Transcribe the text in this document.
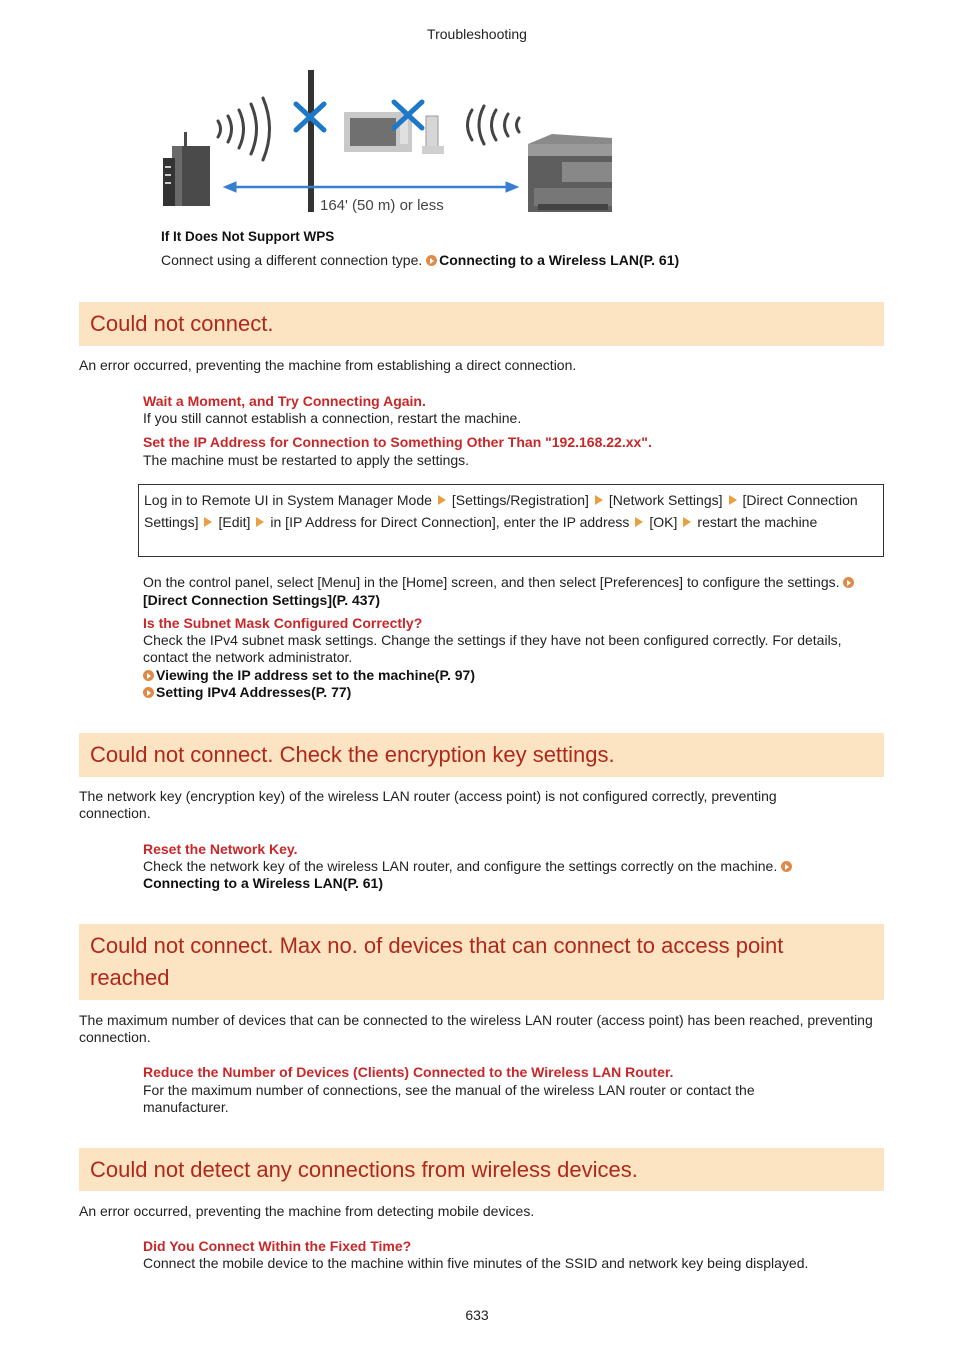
Troubleshooting
164' (50 m) or less
If It Does Not Support WPS
Connect using a different connection type. Connecting to a Wireless LAN(P. 61)
Could not connect.
An error occurred, preventing the machine from establishing a direct connection.
Wait a Moment, and Try Connecting Again.
If you still cannot establish a connection, restart the machine.
Set the IP Address for Connection to Something Other Than "192.168.22.xx".
The machine must be restarted to apply the settings.
Log in to Remote UI in System Manager Mode [Settings/Registration] [Network Settings] [Direct Connection Settings] [Edit] in [IP Address for Direct Connection], enter the IP address [OK] restart the machine
On the control panel, select [Menu] in the [Home] screen, and then select [Preferences] to configure the settings. [Direct Connection Settings](P. 437)
Is the Subnet Mask Configured Correctly?
Check the IPv4 subnet mask settings. Change the settings if they have not been configured correctly. For details, contact the network administrator.
Viewing the IP address set to the machine(P. 97)
Setting IPv4 Addresses(P. 77)
Could not connect. Check the encryption key settings.
The network key (encryption key) of the wireless LAN router (access point) is not configured correctly, preventing connection.
Reset the Network Key.
Check the network key of the wireless LAN router, and configure the settings correctly on the machine.
Connecting to a Wireless LAN(P. 61)
Could not connect. Max no. of devices that can connect to access point
reached
The maximum number of devices that can be connected to the wireless LAN router (access point) has been reached, preventing connection.
Reduce the Number of Devices (Clients) Connected to the Wireless LAN Router.
For the maximum number of connections, see the manual of the wireless LAN router or contact the manufacturer.
Could not detect any connections from wireless devices.
An error occurred, preventing the machine from detecting mobile devices.
Did You Connect Within the Fixed Time?
Connect the mobile device to the machine within five minutes of the SSID and network key being displayed.
633
